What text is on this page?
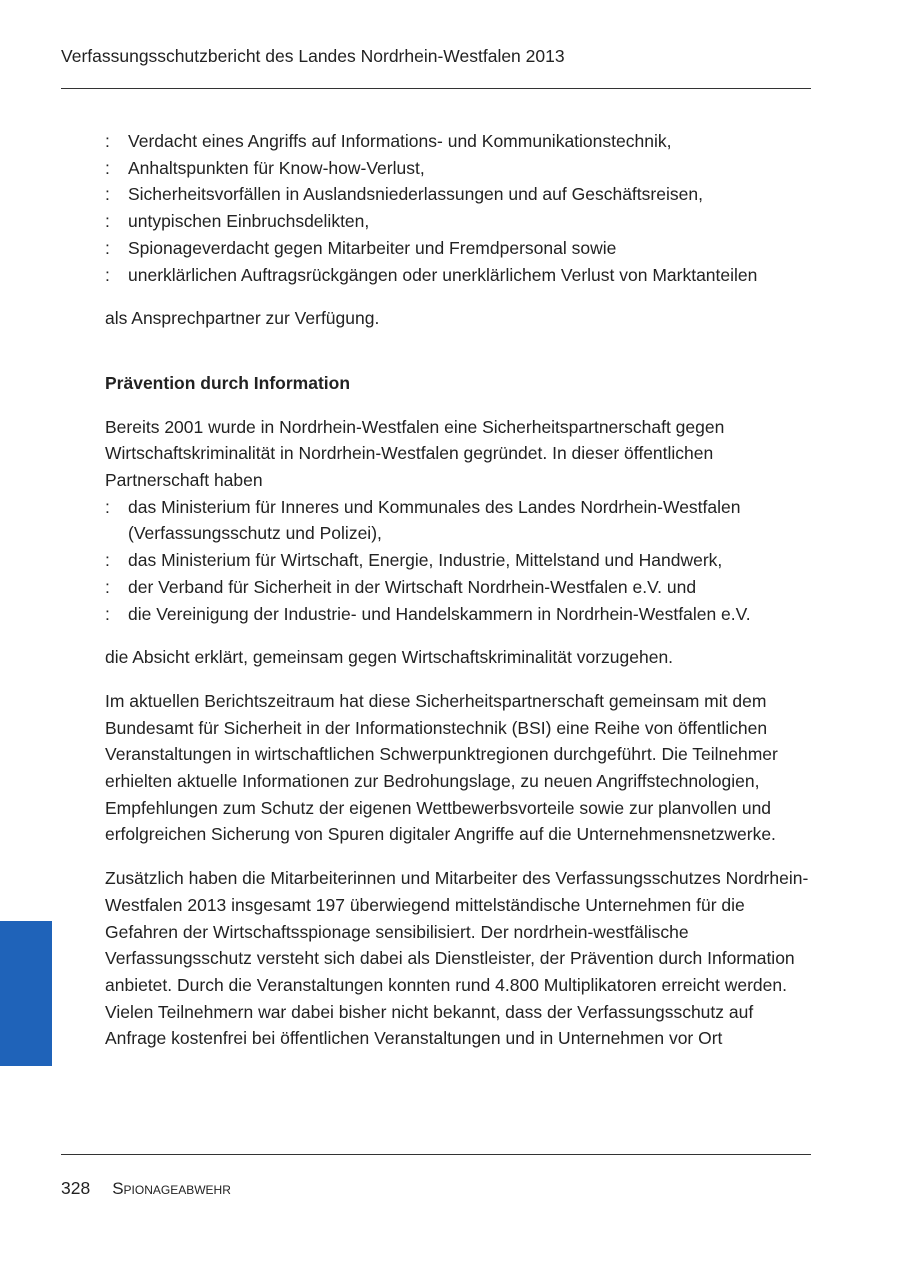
Verfassungsschutzbericht des Landes Nordrhein-Westfalen 2013
: Verdacht eines Angriffs auf Informations- und Kommunikationstechnik,
: Anhaltspunkten für Know-how-Verlust,
: Sicherheitsvorfällen in Auslandsniederlassungen und auf Geschäftsreisen,
: untypischen Einbruchsdelikten,
: Spionageverdacht gegen Mitarbeiter und Fremdpersonal sowie
: unerklärlichen Auftragsrückgängen oder unerklärlichem Verlust von Marktanteilen

als Ansprechpartner zur Verfügung.

Prävention durch Information

Bereits 2001 wurde in Nordrhein-Westfalen eine Sicherheitspartnerschaft gegen Wirtschaftskriminalität in Nordrhein-Westfalen gegründet. In dieser öffentlichen Partnerschaft haben

: das Ministerium für Inneres und Kommunales des Landes Nordrhein-Westfalen (Verfassungsschutz und Polizei),
: das Ministerium für Wirtschaft, Energie, Industrie, Mittelstand und Handwerk,
: der Verband für Sicherheit in der Wirtschaft Nordrhein-Westfalen e.V. und
: die Vereinigung der Industrie- und Handelskammern in Nordrhein-Westfalen e.V.

die Absicht erklärt, gemeinsam gegen Wirtschaftskriminalität vorzugehen.

Im aktuellen Berichtszeitraum hat diese Sicherheitspartnerschaft gemeinsam mit dem Bundesamt für Sicherheit in der Informationstechnik (BSI) eine Reihe von öffentlichen Veranstaltungen in wirtschaftlichen Schwerpunktregionen durchgeführt. Die Teilnehmer erhielten aktuelle Informationen zur Bedrohungslage, zu neuen Angriffstechnologien, Empfehlungen zum Schutz der eigenen Wettbewerbsvorteile sowie zur planvollen und erfolgreichen Sicherung von Spuren digitaler Angriffe auf die Unternehmensnetzwerke.

Zusätzlich haben die Mitarbeiterinnen und Mitarbeiter des Verfassungsschutzes Nordrhein-Westfalen 2013 insgesamt 197 überwiegend mittelständische Unternehmen für die Gefahren der Wirtschaftsspionage sensibilisiert. Der nordrhein-westfälische Verfassungsschutz versteht sich dabei als Dienstleister, der Prävention durch Information anbietet. Durch die Veranstaltungen konnten rund 4.800 Multiplikatoren erreicht werden. Vielen Teilnehmern war dabei bisher nicht bekannt, dass der Verfassungsschutz auf Anfrage kostenfrei bei öffentlichen Veranstaltungen und in Unternehmen vor Ort

328 Spionageabwehr
